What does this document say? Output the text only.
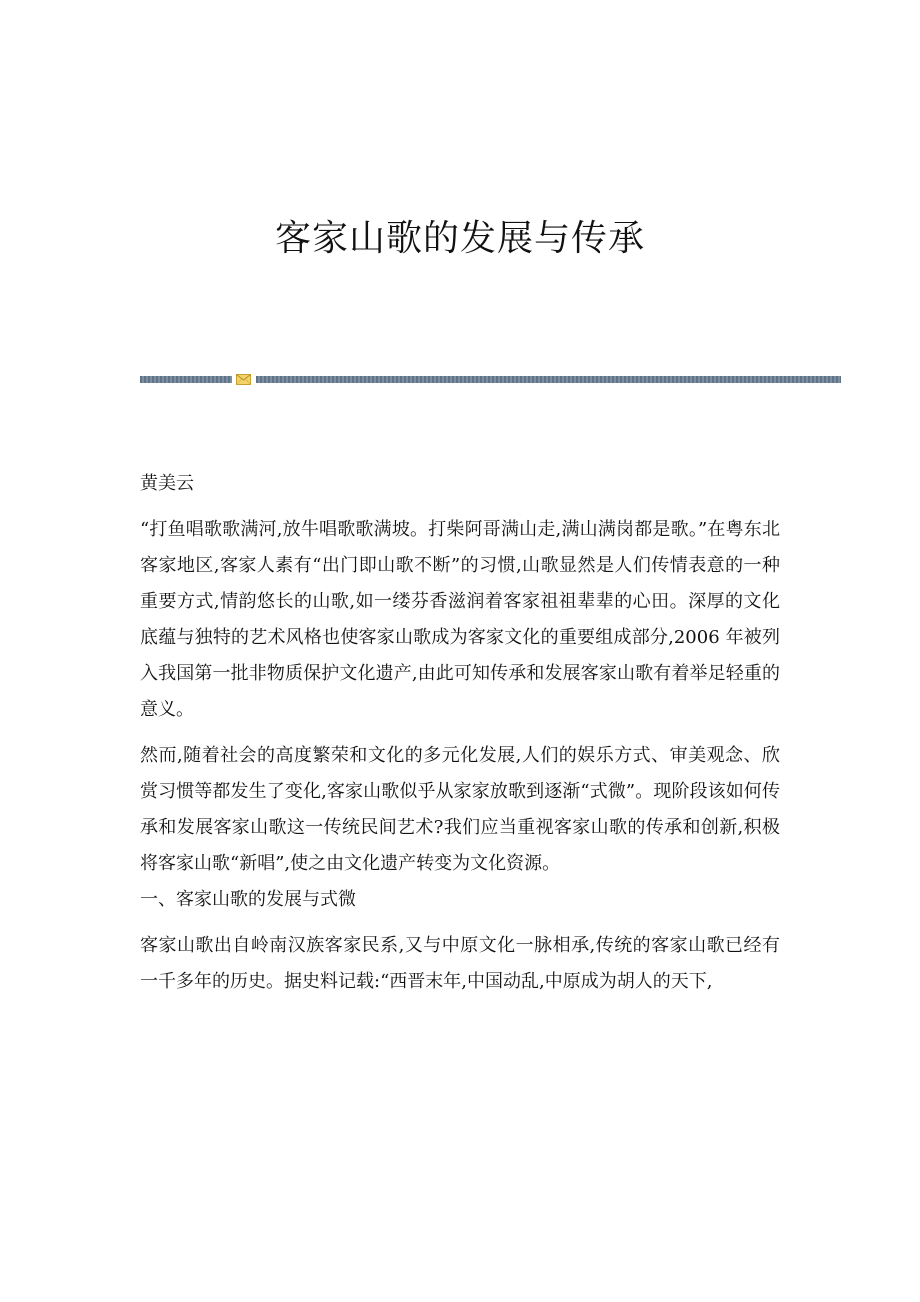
客家山歌的发展与传承

黄美云

“打鱼唱歌歌满河,放牛唱歌歌满坡。打柴阿哥满山走,满山满岗都是歌。”在粤东北客家地区,客家人素有“出门即山歌不断”的习惯,山歌显然是人们传情表意的一种重要方式,情韵悠长的山歌,如一缕芬香滋润着客家祖祖辈辈的心田。深厚的文化底蕴与独特的艺术风格也使客家山歌成为客家文化的重要组成部分,2006 年被列入我国第一批非物质保护文化遗产,由此可知传承和发展客家山歌有着举足轻重的意义。

然而,随着社会的高度繁荣和文化的多元化发展,人们的娱乐方式、审美观念、欣赏习惯等都发生了变化,客家山歌似乎从家家放歌到逐渐“式微”。现阶段该如何传承和发展客家山歌这一传统民间艺术?我们应当重视客家山歌的传承和创新,积极将客家山歌“新唱”,使之由文化遗产转变为文化资源。

一、客家山歌的发展与式微

客家山歌出自岭南汉族客家民系,又与中原文化一脉相承,传统的客家山歌已经有一千多年的历史。据史料记载:“西晋末年,中国动乱,中原成为胡人的天下,
